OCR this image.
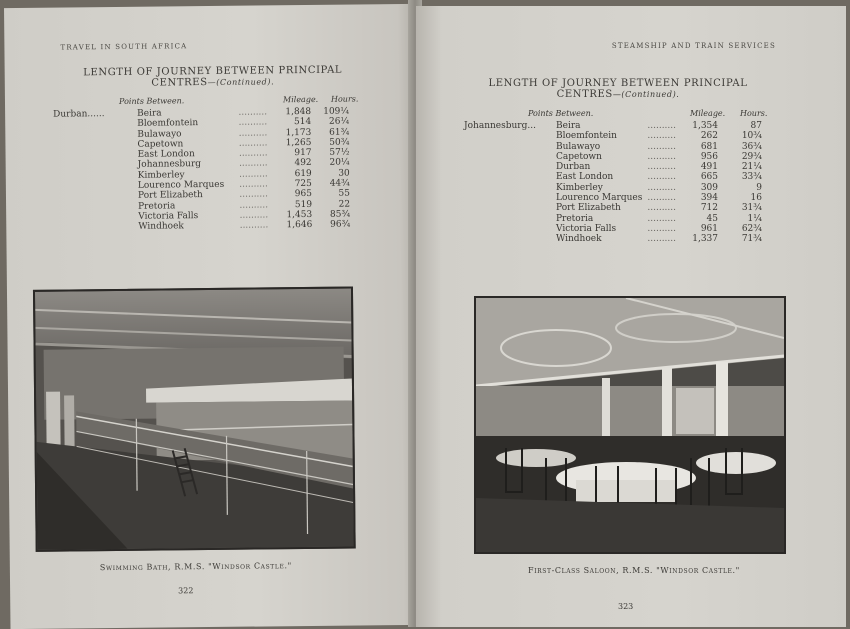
TRAVEL IN SOUTH AFRICA
LENGTH OF JOURNEY BETWEEN PRINCIPAL
CENTRES—(Continued).
Points Between.	Mileage. Hours.
Durban......	Beira	..........	1,848 109¼
Bloemfontein	..........	514	26¼
Bulawayo	..........	1,173	61¾
Capetown	..........	1,265	50¾
East London	..........	917	57½
Johannesburg	..........	492	20¼
Kimberley	..........	619	30
Lourenco Marques	..........	725	44¾
Port Elizabeth	..........	965	55
Pretoria	..........	519	22
Victoria Falls	..........	1,453	85¾
Windhoek	..........	1,646	96¾
Swimming Bath, R.M.S. "Windsor Castle."
322
STEAMSHIP AND TRAIN SERVICES
LENGTH OF JOURNEY BETWEEN PRINCIPAL
CENTRES—(Continued).
Points Between.	Mileage. Hours.
Johannesburg... Beira	..........	1,354	87
Bloemfontein	..........	262	10¾
Bulawayo	..........	681	36¾
Capetown	..........	956	29¾
Durban	..........	491	21¼
East London	..........	665	33¾
Kimberley	..........	309	9
Lourenco Marques ..........	394	16
Port Elizabeth	..........	712	31¾
Pretoria	..........	45	1¼
Victoria Falls	..........	961	62¾
Windhoek	..........	1,337	71¾
First-Class Saloon, R.M.S. "Windsor Castle."
323
